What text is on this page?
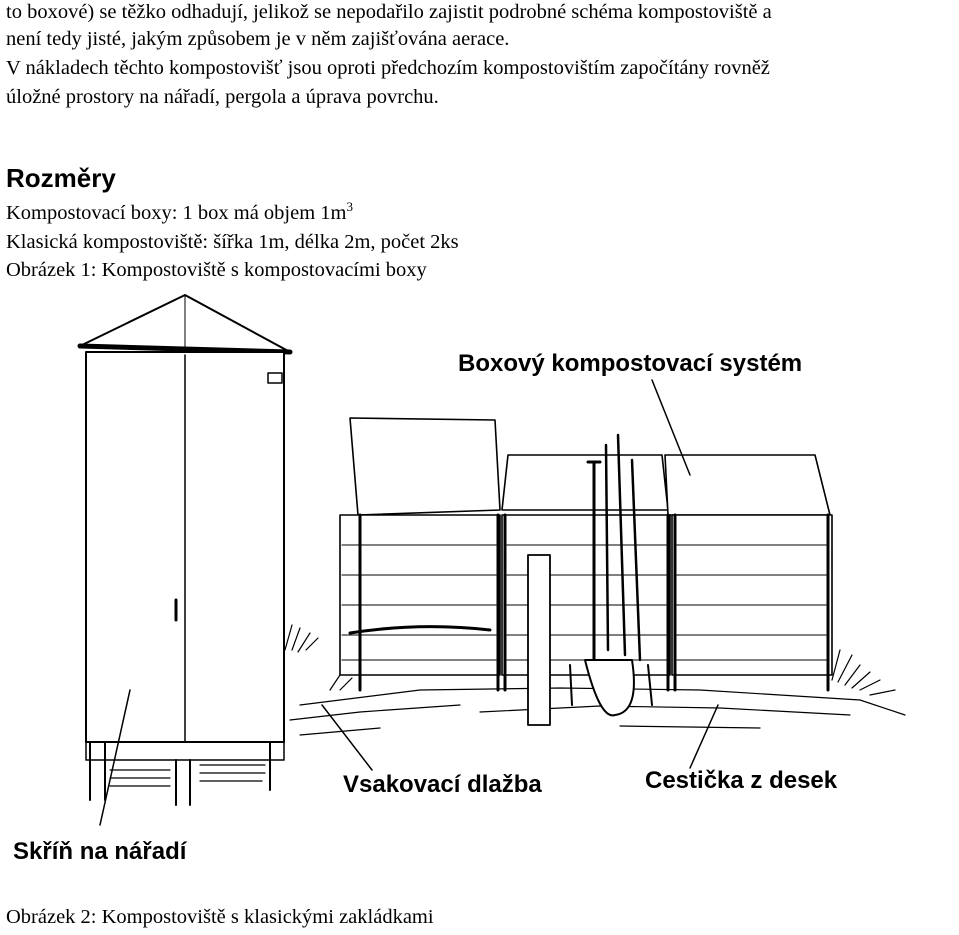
to boxové) se těžko odhadují, jelikož se nepodařilo zajistit podrobné schéma kompostoviště a
není tedy jisté, jakým způsobem je v něm zajišťována aerace.
V nákladech těchto kompostovišť jsou oproti předchozím kompostovištím započítány rovněž
úložné prostory na nářadí, pergola a úprava povrchu.
Rozměry
Kompostovací boxy: 1 box má objem $1m^3$
Klasická kompostoviště: šířka 1m, délka 2m, počet 2ks
Obrázek 1: Kompostoviště s kompostovacími boxy
Boxový kompostovací systém
Vsakovací dlažba	Cestička z desek
Skříň na nářadí
Obrázek 2: Kompostoviště s klasickými zakládkami
